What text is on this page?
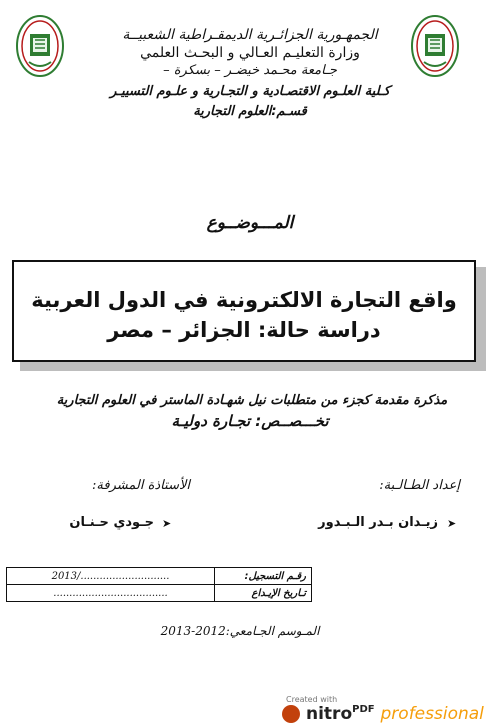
الجمهـورية الجزائـرية الديمقـراطية الشعبيــة
وزارة التعليـم العـالي و البحـث العلمي
جـامعة محـمد خيضـر – بسكرة –
كـلية العلـوم الاقتصـادية و التجـارية و علـوم التسييـر
قسـم:العلوم التجارية
المـــوضــوع
واقع التجارة الالكترونية في الدول العربية
دراسة حالة: الجزائر – مصر
مذكرة مقدمة كجزء من متطلبات نيل شهـادة الماستر في العلوم التجارية
تخـــصــص: تجـارة دوليـة
إعداد الطـالـبة:
الأستاذة المشرفة:
➤
زيـدان بـدر الـبـدور
➤
جـودي حـنـان
رقـم التسجيل:	............................/2013
تـاريخ الإيـداع	....................................
المـوسم الجـامعي:2012-2013
Created with
nitro$^{PDF}$ professional
